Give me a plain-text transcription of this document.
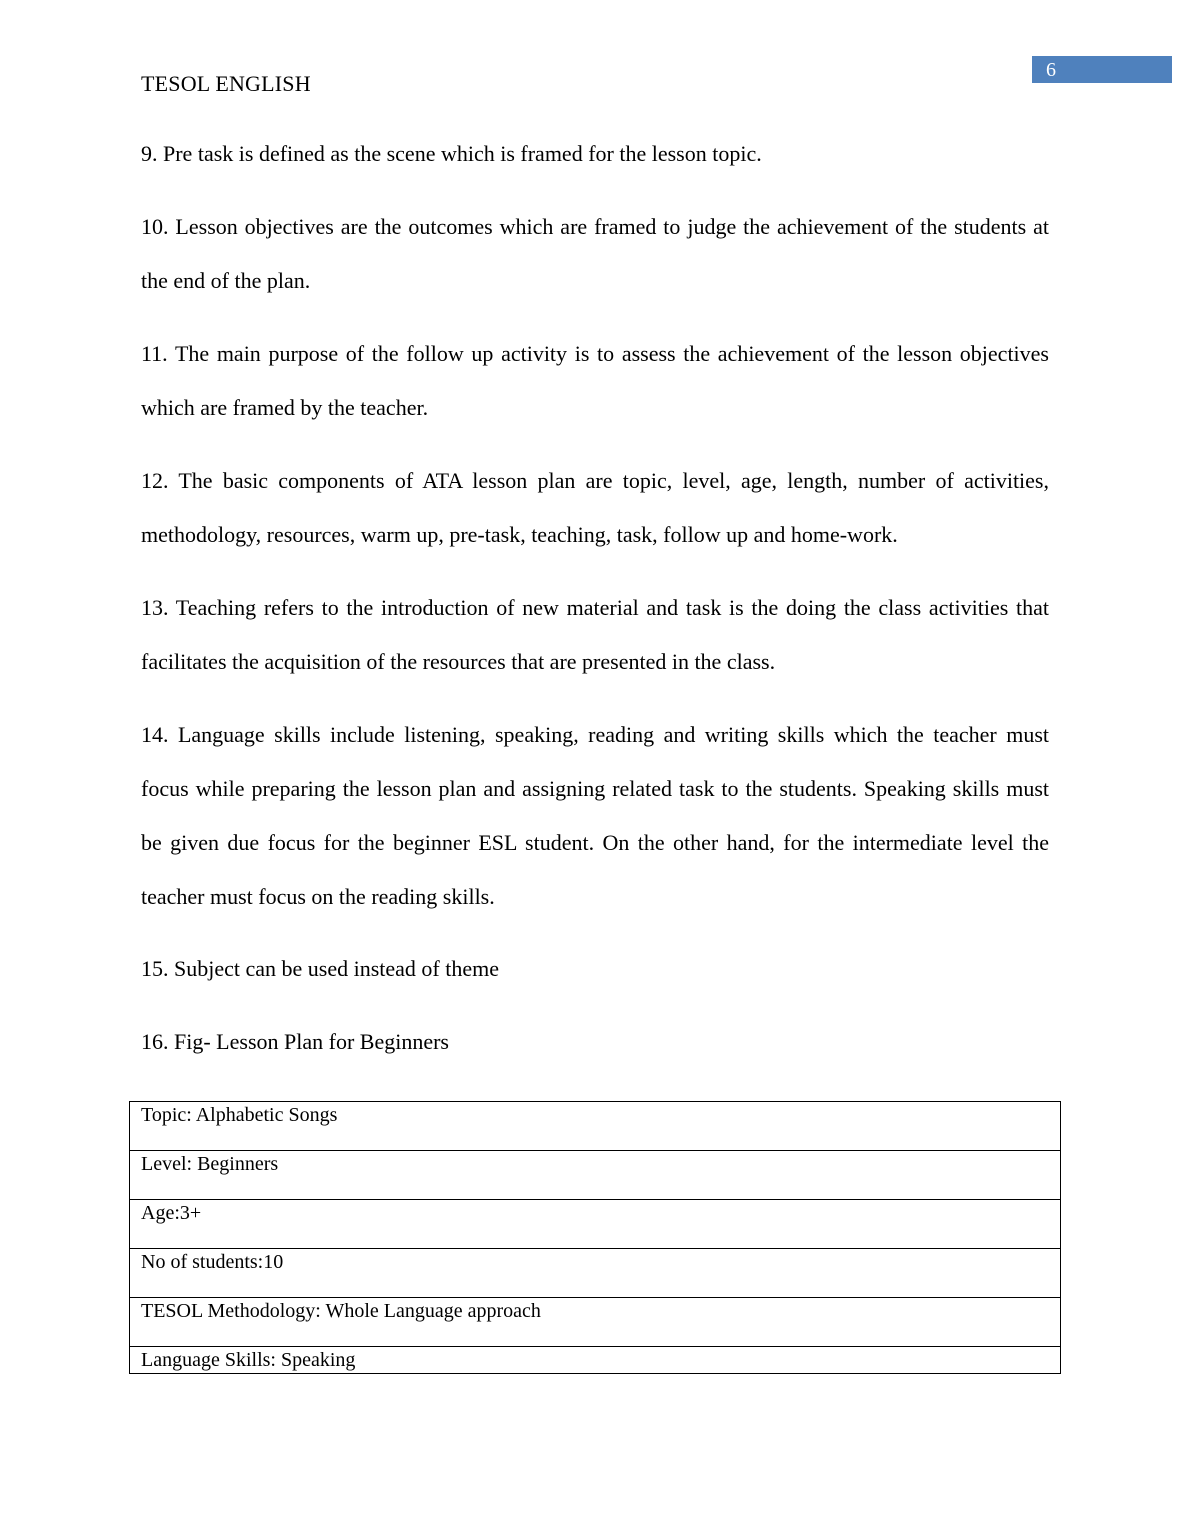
TESOL ENGLISH
6

9. Pre task is defined as the scene which is framed for the lesson topic.

10. Lesson objectives are the outcomes which are framed to judge the achievement of the students at the end of the plan.

11. The main purpose of the follow up activity is to assess the achievement of the lesson objectives which are framed by the teacher.

12. The basic components of ATA lesson plan are topic, level, age, length, number of activities, methodology, resources, warm up, pre-task, teaching, task, follow up and home-work.

13. Teaching refers to the introduction of new material and task is the doing the class activities that facilitates the acquisition of the resources that are presented in the class.

14. Language skills include listening, speaking, reading and writing skills which the teacher must focus while preparing the lesson plan and assigning related task to the students. Speaking skills must be given due focus for the beginner ESL student. On the other hand, for the intermediate level the teacher must focus on the reading skills.

15. Subject can be used instead of theme

16. Fig- Lesson Plan for Beginners

Topic: Alphabetic Songs
Level: Beginners
Age:3+
No of students:10
TESOL Methodology: Whole Language approach
Language Skills: Speaking
